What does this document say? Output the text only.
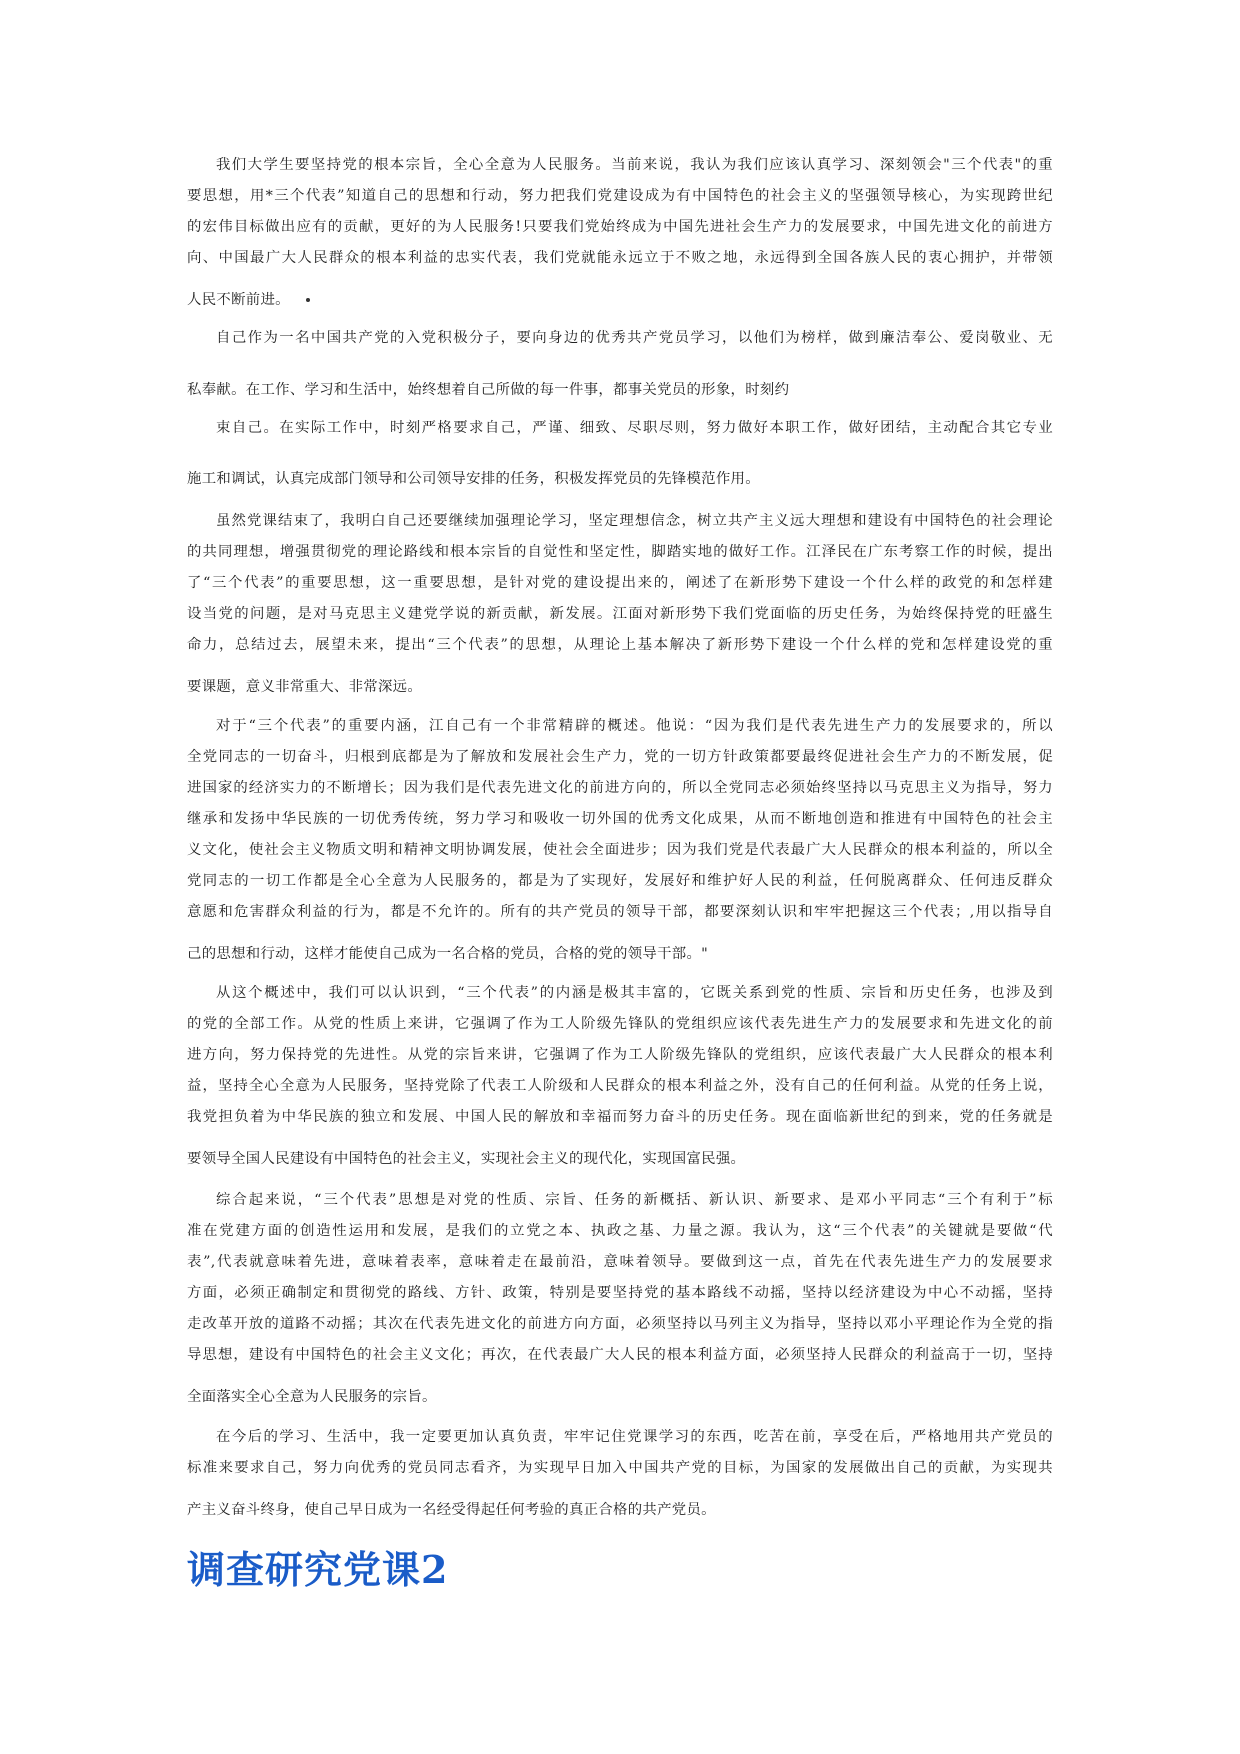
我们大学生要坚持党的根本宗旨，全心全意为人民服务。当前来说，我认为我们应该认真学习、深刻领会"三个代表"的重
要思想，用*三个代表”知道自己的思想和行动，努力把我们党建设成为有中国特色的社会主义的坚强领导核心，为实现跨世纪
的宏伟目标做出应有的贡献，更好的为人民服务!只要我们党始终成为中国先进社会生产力的发展要求，中国先进文化的前进方
向、中国最广大人民群众的根本利益的忠实代表，我们党就能永远立于不败之地，永远得到全国各族人民的衷心拥护，并带领
人民不断前进。
自己作为一名中国共产党的入党积极分子，要向身边的优秀共产党员学习，以他们为榜样，做到廉洁奉公、爱岗敬业、无
私奉献。在工作、学习和生活中，始终想着自己所做的每一件事，都事关党员的形象，时刻约
束自己。在实际工作中，时刻严格要求自己，严谨、细致、尽职尽则，努力做好本职工作，做好团结，主动配合其它专业
施工和调试，认真完成部门领导和公司领导安排的任务，积极发挥党员的先锋模范作用。
虽然党课结束了，我明白自己还要继续加强理论学习，坚定理想信念，树立共产主义远大理想和建设有中国特色的社会理论
的共同理想，增强贯彻党的理论路线和根本宗旨的自觉性和坚定性，脚踏实地的做好工作。江泽民在广东考察工作的时候，提出
了“三个代表”的重要思想，这一重要思想，是针对党的建设提出来的，阐述了在新形势下建设一个什么样的政党的和怎样建
设当党的问题，是对马克思主义建党学说的新贡献，新发展。江面对新形势下我们党面临的历史任务，为始终保持党的旺盛生
命力，总结过去，展望未来，提出“三个代表”的思想，从理论上基本解决了新形势下建设一个什么样的党和怎样建设党的重
要课题，意义非常重大、非常深远。
对于“三个代表”的重要内涵，江自己有一个非常精辟的概述。他说：“因为我们是代表先进生产力的发展要求的，所以
全党同志的一切奋斗，归根到底都是为了解放和发展社会生产力，党的一切方针政策都要最终促进社会生产力的不断发展，促
进国家的经济实力的不断增长；因为我们是代表先进文化的前进方向的，所以全党同志必须始终坚持以马克思主义为指导，努力
继承和发扬中华民族的一切优秀传统，努力学习和吸收一切外国的优秀文化成果，从而不断地创造和推进有中国特色的社会主
义文化，使社会主义物质文明和精神文明协调发展，使社会全面进步；因为我们党是代表最广大人民群众的根本利益的，所以全
党同志的一切工作都是全心全意为人民服务的，都是为了实现好，发展好和维护好人民的利益，任何脱离群众、任何违反群众
意愿和危害群众利益的行为，都是不允许的。所有的共产党员的领导干部，都要深刻认识和牢牢把握这三个代表；,用以指导自
己的思想和行动，这样才能使自己成为一名合格的党员，合格的党的领导干部。"
从这个概述中，我们可以认识到，“三个代表”的内涵是极其丰富的，它既关系到党的性质、宗旨和历史任务，也涉及到
的党的全部工作。从党的性质上来讲，它强调了作为工人阶级先锋队的党组织应该代表先进生产力的发展要求和先进文化的前
进方向，努力保持党的先进性。从党的宗旨来讲，它强调了作为工人阶级先锋队的党组织，应该代表最广大人民群众的根本利
益，坚持全心全意为人民服务，坚持党除了代表工人阶级和人民群众的根本利益之外，没有自己的任何利益。从党的任务上说，
我党担负着为中华民族的独立和发展、中国人民的解放和幸福而努力奋斗的历史任务。现在面临新世纪的到来，党的任务就是
要领导全国人民建设有中国特色的社会主义，实现社会主义的现代化，实现国富民强。
综合起来说，“三个代表”思想是对党的性质、宗旨、任务的新概括、新认识、新要求、是邓小平同志“三个有利于”标
准在党建方面的创造性运用和发展，是我们的立党之本、执政之基、力量之源。我认为，这“三个代表”的关键就是要做“代
表”,代表就意味着先进，意味着表率，意味着走在最前沿，意味着领导。要做到这一点，首先在代表先进生产力的发展要求
方面，必须正确制定和贯彻党的路线、方针、政策，特别是要坚持党的基本路线不动摇，坚持以经济建设为中心不动摇，坚持
走改革开放的道路不动摇；其次在代表先进文化的前进方向方面，必须坚持以马列主义为指导，坚持以邓小平理论作为全党的指
导思想，建设有中国特色的社会主义文化；再次，在代表最广大人民的根本利益方面，必须坚持人民群众的利益高于一切，坚持
全面落实全心全意为人民服务的宗旨。
在今后的学习、生活中，我一定要更加认真负责，牢牢记住党课学习的东西，吃苦在前，享受在后，严格地用共产党员的
标准来要求自己，努力向优秀的党员同志看齐，为实现早日加入中国共产党的目标，为国家的发展做出自己的贡献，为实现共
产主义奋斗终身，使自己早日成为一名经受得起任何考验的真正合格的共产党员。
调查研究党课2
